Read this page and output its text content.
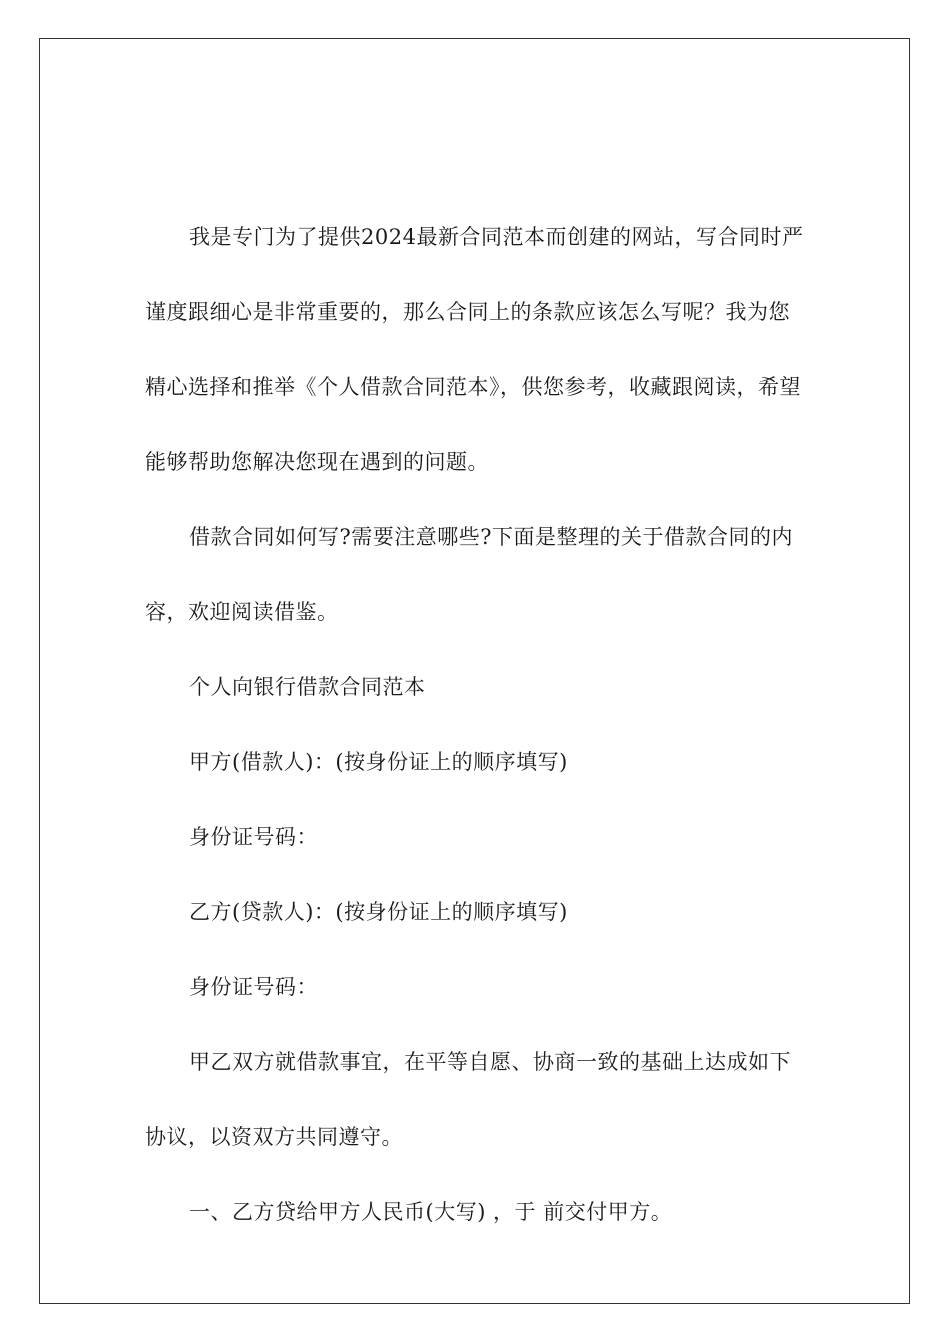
我是专门为了提供2024最新合同范本而创建的网站，写合同时严谨度跟细心是非常重要的，那么合同上的条款应该怎么写呢？我为您精心选择和推举《个人借款合同范本》，供您参考，收藏跟阅读，希望能够帮助您解决您现在遇到的问题。

借款合同如何写?需要注意哪些?下面是整理的关于借款合同的内容，欢迎阅读借鉴。

个人向银行借款合同范本

甲方(借款人)：(按身份证上的顺序填写)

身份证号码：

乙方(贷款人)：(按身份证上的顺序填写)

身份证号码：

甲乙双方就借款事宜，在平等自愿、协商一致的基础上达成如下协议，以资双方共同遵守。

一、乙方贷给甲方人民币(大写) ，于 前交付甲方。
